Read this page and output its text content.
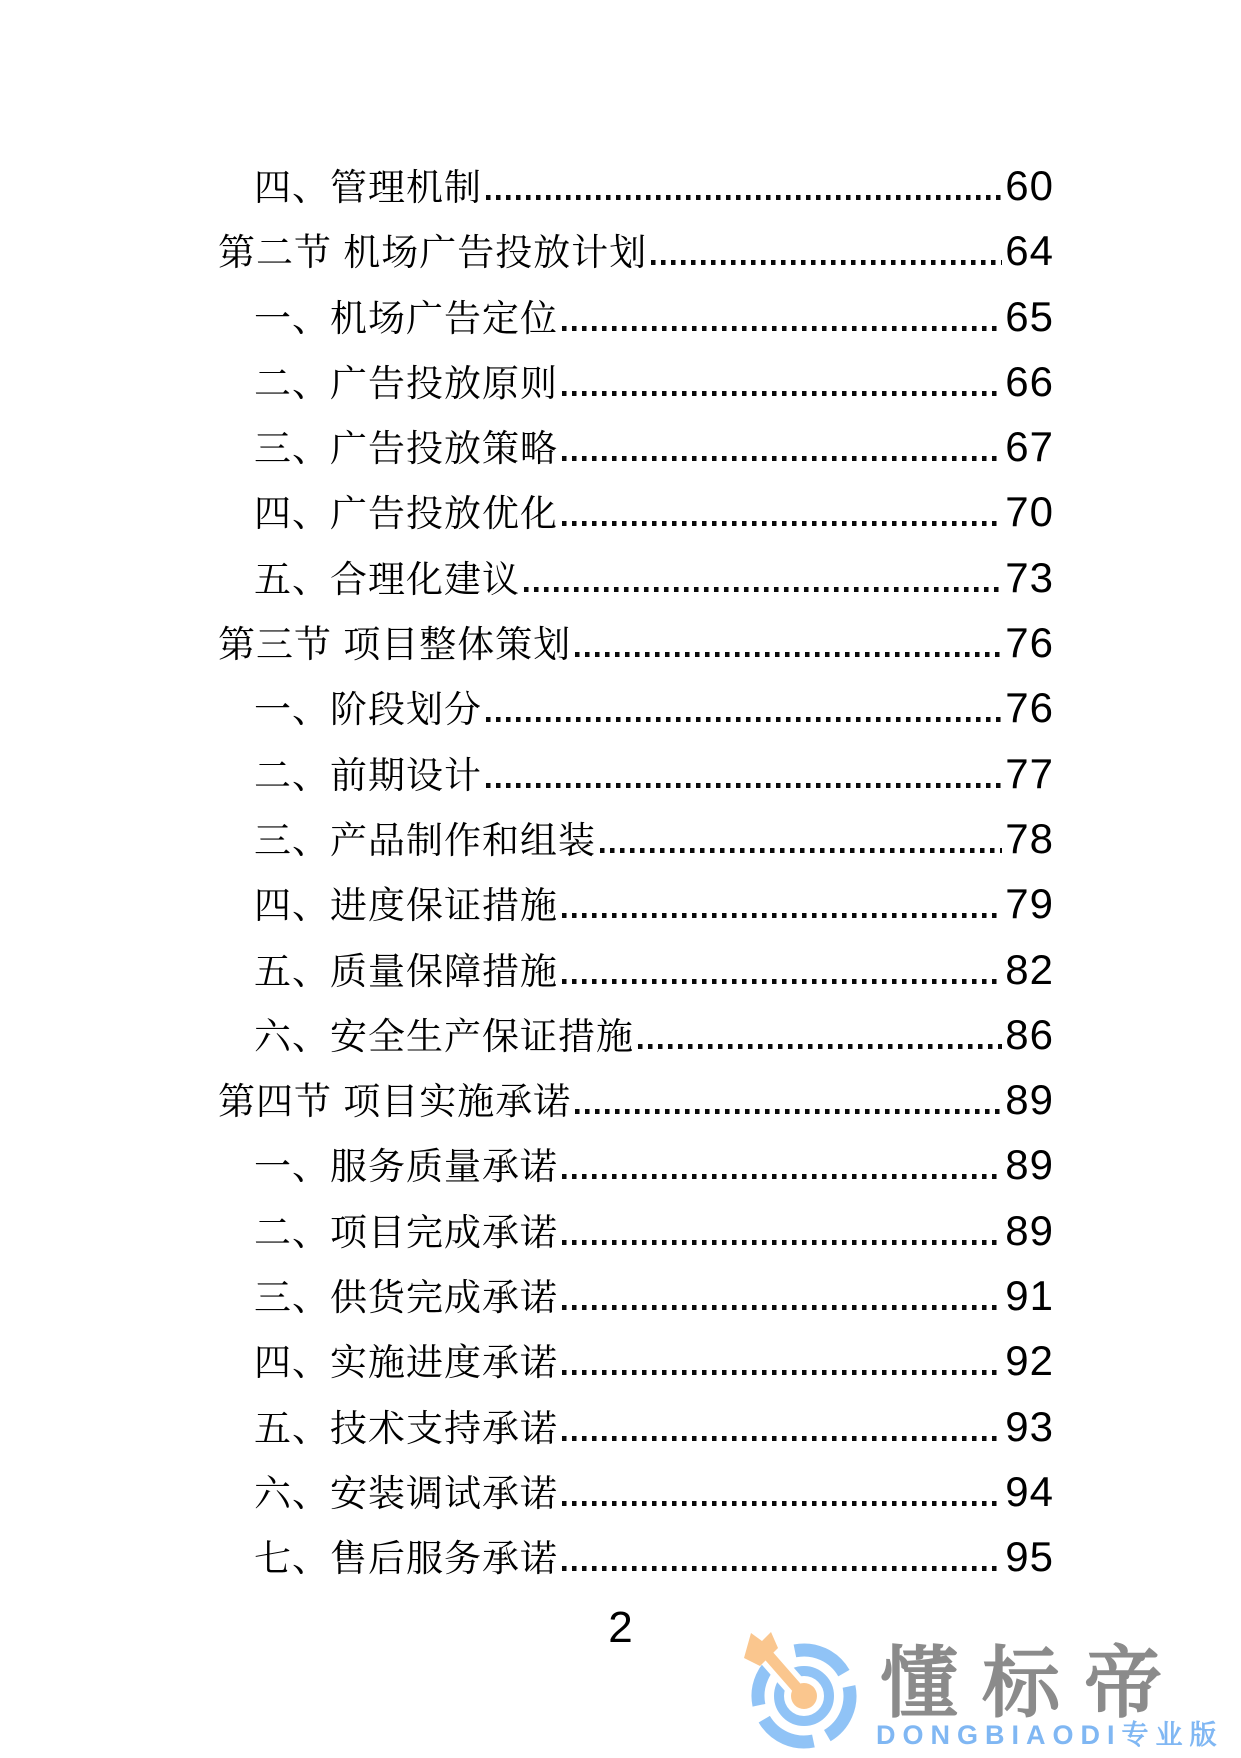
四、管理机制	60
第二节 机场广告投放计划	64
一、机场广告定位	65
二、广告投放原则	66
三、广告投放策略	67
四、广告投放优化	70
五、合理化建议	73
第三节 项目整体策划	76
一、阶段划分	76
二、前期设计	77
三、产品制作和组装	78
四、进度保证措施	79
五、质量保障措施	82
六、安全生产保证措施	86
第四节 项目实施承诺	89
一、服务质量承诺	89
二、项目完成承诺	89
三、供货完成承诺	91
四、实施进度承诺	92
五、技术支持承诺	93
六、安装调试承诺	94
七、售后服务承诺	95
2
懂标帝
DONGBIAODI专业版
